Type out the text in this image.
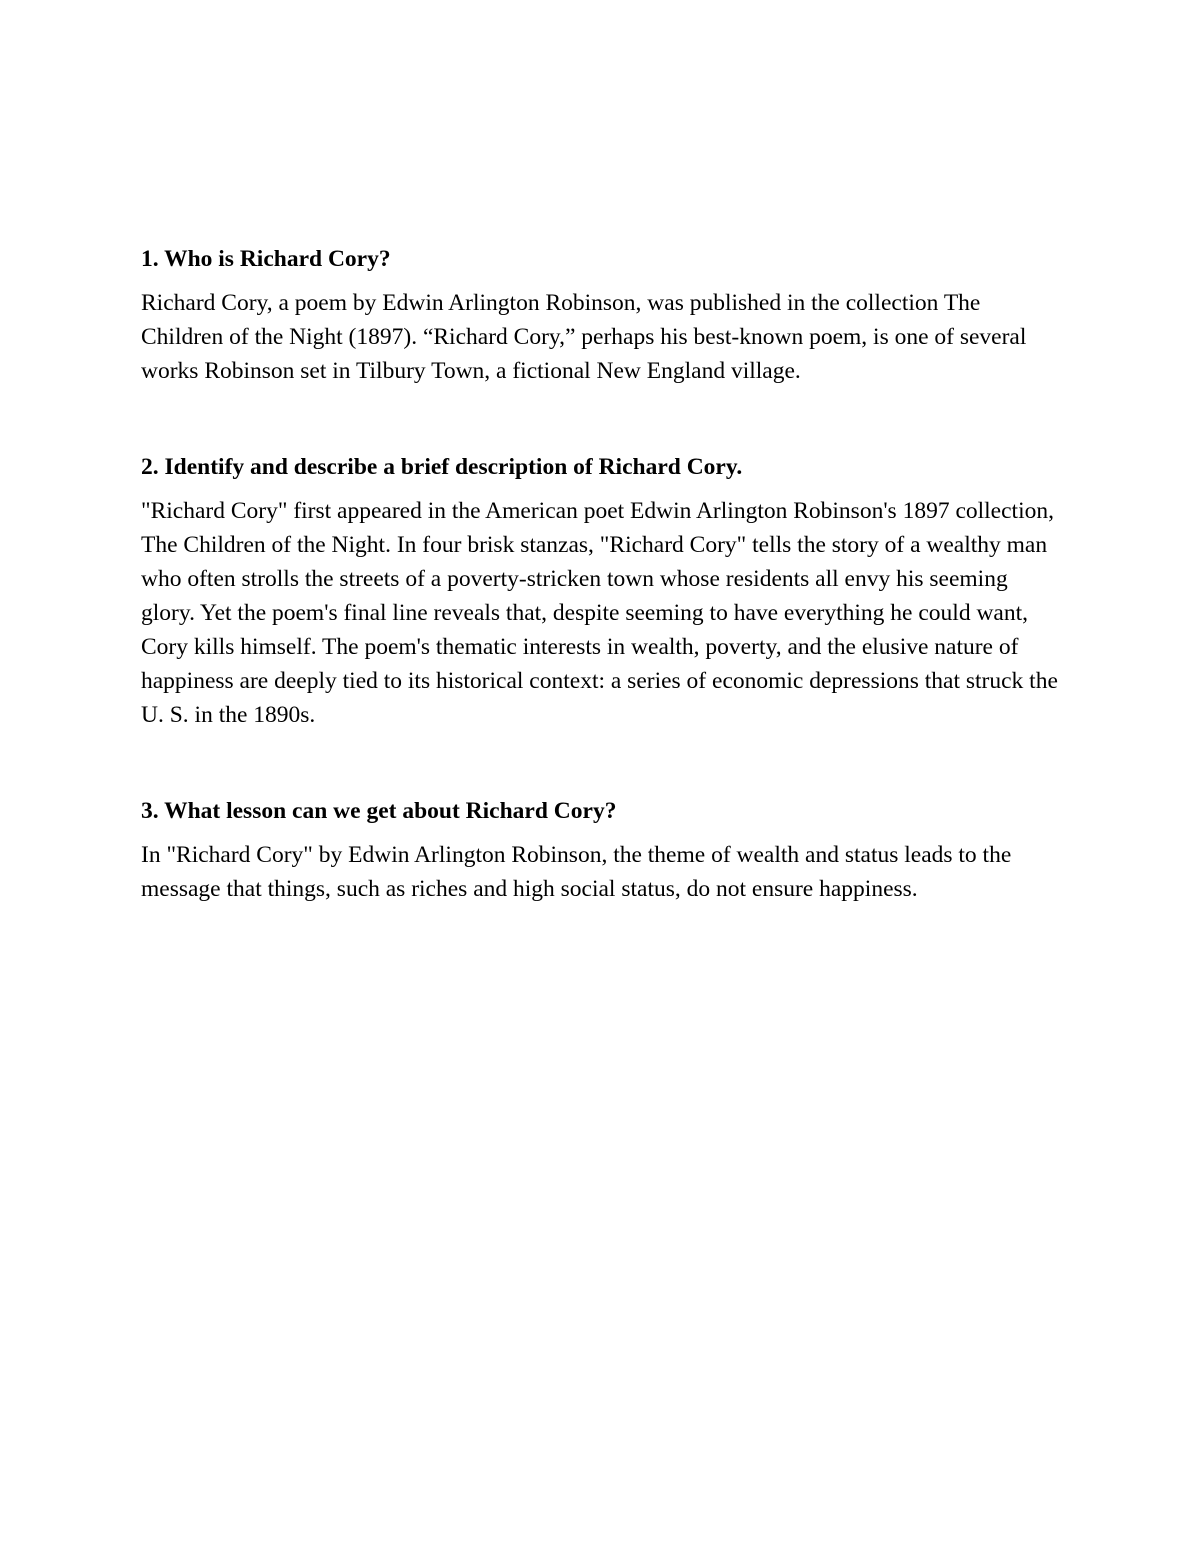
1. Who is Richard Cory?

Richard Cory, a poem by Edwin Arlington Robinson, was published in the collection The Children of the Night (1897). “Richard Cory,” perhaps his best-known poem, is one of several works Robinson set in Tilbury Town, a fictional New England village.

2. Identify and describe a brief description of Richard Cory.

"Richard Cory" first appeared in the American poet Edwin Arlington Robinson's 1897 collection, The Children of the Night. In four brisk stanzas, "Richard Cory" tells the story of a wealthy man who often strolls the streets of a poverty-stricken town whose residents all envy his seeming glory. Yet the poem's final line reveals that, despite seeming to have everything he could want, Cory kills himself. The poem's thematic interests in wealth, poverty, and the elusive nature of happiness are deeply tied to its historical context: a series of economic depressions that struck the U. S. in the 1890s.

3. What lesson can we get about Richard Cory?

In "Richard Cory" by Edwin Arlington Robinson, the theme of wealth and status leads to the message that things, such as riches and high social status, do not ensure happiness.
